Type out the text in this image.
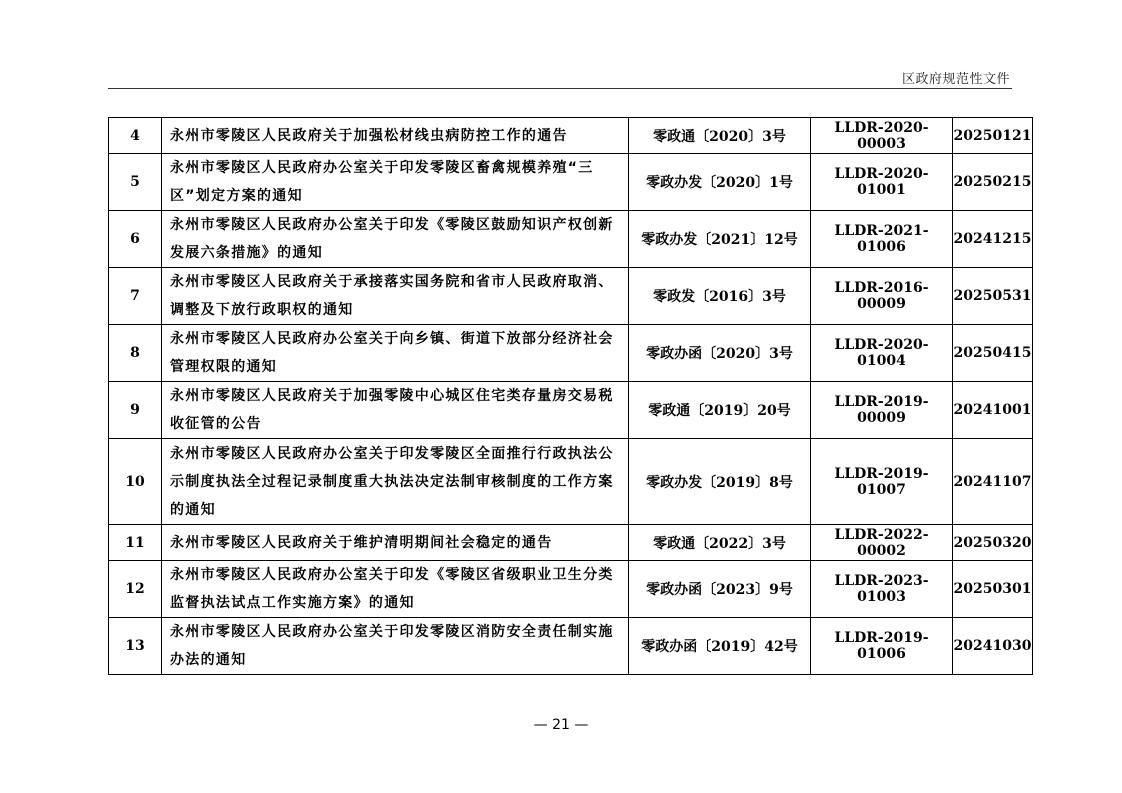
区政府规范性文件
4	永州市零陵区人民政府关于加强松材线虫病防控工作的通告	零政通〔2020〕3号	LLDR-2020-00003	20250121
5	永州市零陵区人民政府办公室关于印发零陵区畜禽规模养殖“三区”划定方案的通知	零政办发〔2020〕1号	LLDR-2020-01001	20250215
6	永州市零陵区人民政府办公室关于印发《零陵区鼓励知识产权创新发展六条措施》的通知	零政办发〔2021〕12号	LLDR-2021-01006	20241215
7	永州市零陵区人民政府关于承接落实国务院和省市人民政府取消、调整及下放行政职权的通知	零政发〔2016〕3号	LLDR-2016-00009	20250531
8	永州市零陵区人民政府办公室关于向乡镇、街道下放部分经济社会管理权限的通知	零政办函〔2020〕3号	LLDR-2020-01004	20250415
9	永州市零陵区人民政府关于加强零陵中心城区住宅类存量房交易税收征管的公告	零政通〔2019〕20号	LLDR-2019-00009	20241001
10	永州市零陵区人民政府办公室关于印发零陵区全面推行行政执法公示制度执法全过程记录制度重大执法决定法制审核制度的工作方案的通知	零政办发〔2019〕8号	LLDR-2019-01007	20241107
11	永州市零陵区人民政府关于维护清明期间社会稳定的通告	零政通〔2022〕3号	LLDR-2022-00002	20250320
12	永州市零陵区人民政府办公室关于印发《零陵区省级职业卫生分类监督执法试点工作实施方案》的通知	零政办函〔2023〕9号	LLDR-2023-01003	20250301
13	永州市零陵区人民政府办公室关于印发零陵区消防安全责任制实施办法的通知	零政办函〔2019〕42号	LLDR-2019-01006	20241030
— 21 —
